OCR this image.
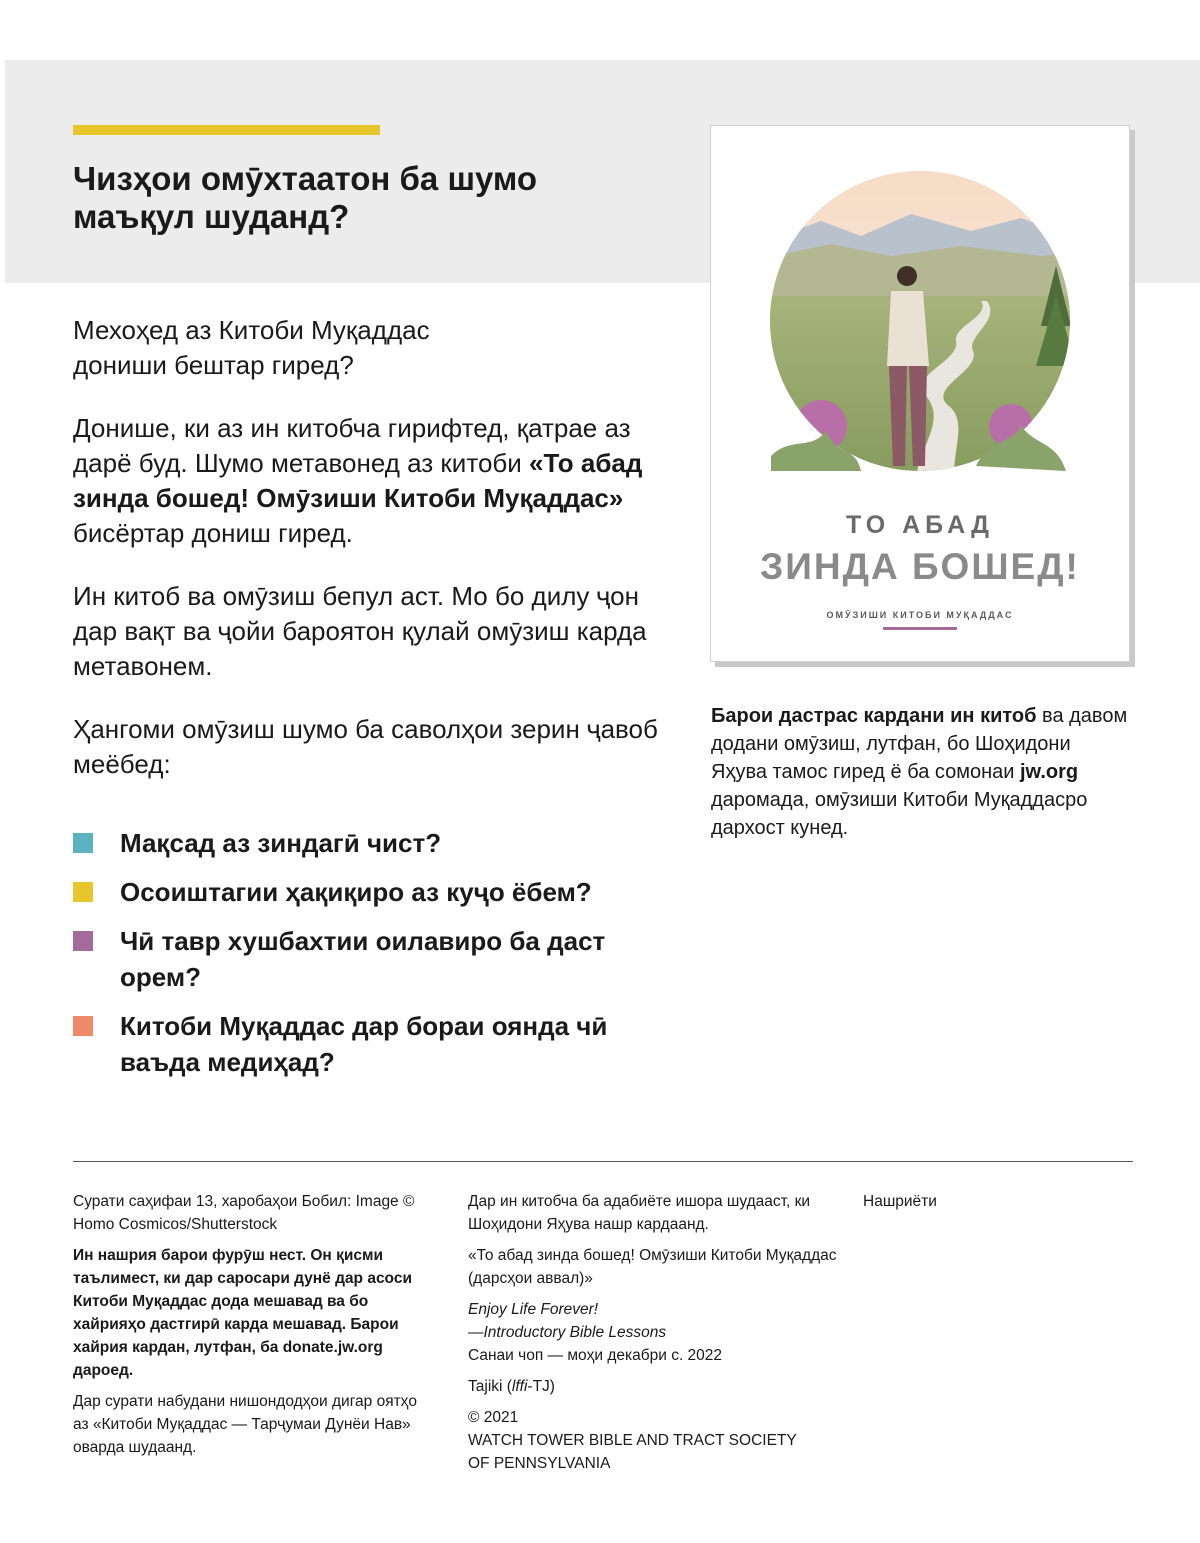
Чизҳои омӯхтаатон ба шумо
маъқул шуданд?

Мехоҳед аз Китоби Муқаддас
дониши бештар гиред?

Донише, ки аз ин китобча гирифтед, қатрае аз дарё буд. Шумо метавонед аз китоби «То абад зинда бошед! Омӯзиши Китоби Муқаддас» бисёртар дониш гиред.

Ин китоб ва омӯзиш бепул аст. Мо бо дилу ҷон дар вақт ва ҷойи бароятон қулай омӯзиш карда метавонем.

Ҳангоми омӯзиш шумо ба саволҳои зерин ҷавоб меёбед:

Мақсад аз зиндагӣ чист?
Осоиштагии ҳақиқиро аз куҷо ёбем?
Чӣ тавр хушбахтии оилавиро ба даст орем?
Китоби Муқаддас дар бораи оянда чӣ ваъда медиҳад?
ТО АБАД
ЗИНДА БОШЕД!
ОМӮЗИШИ КИТОБИ МУҚАДДАС
Барои дастрас кардани ин китоб ва давом додани омӯзиш, лутфан, бо Шоҳидони Яҳува тамос гиред ё ба сомонаи jw.org даромада, омӯзиши Китоби Муқаддасро дархост кунед.

Сурати саҳифаи 13, харобаҳои Бобил: Image © Homo Cosmicos/Shutterstock

Ин нашрия барои фурӯш нест. Он қисми таълимест, ки дар саросари дунё дар асоси Китоби Муқаддас дода мешавад ва бо хайрияҳо дастгирӣ карда мешавад. Барои хайрия кардан, лутфан, ба donate.jw.org дароед.

Дар сурати набудани нишондодҳои дигар оятҳо аз «Китоби Муқаддас — Тарҷумаи Дунёи Нав» оварда шудаанд.

Дар ин китобча ба адабиёте ишора шудааст, ки Шоҳидони Яҳува нашр кардаанд.

«То абад зинда бошед! Омӯзиши Китоби Муқаддас (дарсҳои аввал)»

Enjoy Life Forever!
—Introductory Bible Lessons
Санаи чоп — моҳи декабри с. 2022

Tajiki (lffi-TJ)

© 2021
WATCH TOWER BIBLE AND TRACT SOCIETY
OF PENNSYLVANIA

Нашриёти
